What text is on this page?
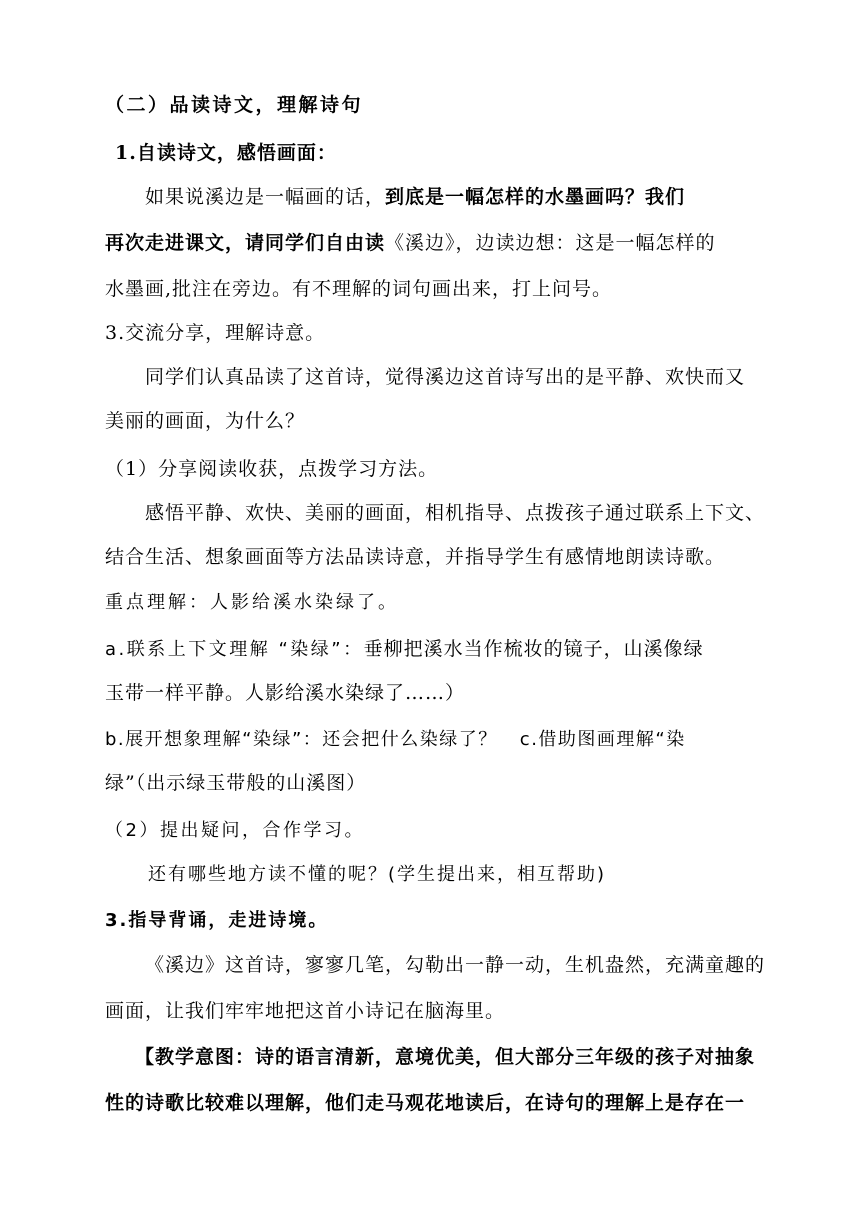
（二）品读诗文，理解诗句
1.自读诗文，感悟画面：
如果说溪边是一幅画的话，到底是一幅怎样的水墨画吗？我们
再次走进课文，请同学们自由读《溪边》，边读边想：这是一幅怎样的
水墨画,批注在旁边。有不理解的词句画出来，打上问号。
3.交流分享，理解诗意。
同学们认真品读了这首诗，觉得溪边这首诗写出的是平静、欢快而又
美丽的画面，为什么？
（1）分享阅读收获，点拨学习方法。
感悟平静、欢快、美丽的画面，相机指导、点拨孩子通过联系上下文、
结合生活、想象画面等方法品读诗意，并指导学生有感情地朗读诗歌。
重点理解：人影给溪水染绿了。
a.联系上下文理解 “染绿”：垂柳把溪水当作梳妆的镜子，山溪像绿
玉带一样平静。人影给溪水染绿了……）
b.展开想象理解“染绿”：还会把什么染绿了？ c.借助图画理解“染
绿”（出示绿玉带般的山溪图）
（2）提出疑问，合作学习。
还有哪些地方读不懂的呢？(学生提出来，相互帮助)
3.指导背诵，走进诗境。
《溪边》这首诗，寥寥几笔，勾勒出一静一动，生机盎然，充满童趣的
画面，让我们牢牢地把这首小诗记在脑海里。
【教学意图：诗的语言清新，意境优美，但大部分三年级的孩子对抽象
性的诗歌比较难以理解，他们走马观花地读后，在诗句的理解上是存在一
